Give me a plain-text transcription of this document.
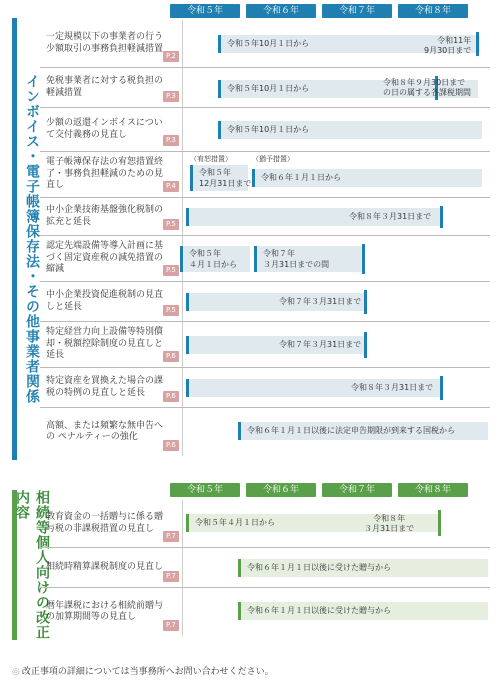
インボイス・電子帳簿保存法・その他事業者関係
令和５年	令和６年	令和７年	令和８年
一定規模以下の事業者の行う少額取引の事務負担軽減措置
P.2
令和５年10月１日から	令和11年
9月30日まで
免税事業者に対する税負担の軽減措置	P.3
令和５年10月１日から
令和８年９月30日まで
の日の属する各課税期間
少額の返還インボイスについて交付義務の見直し
P.3
令和５年10月１日から
電子帳簿保存法の宥恕措置終了・事務負担軽減のための見直し	P.4
（宥恕措置）	（猶予措置）
令和５年
12月31日まで
令和６年１月１日から
中小企業技術基盤強化税制の拡充と延長	P.5
令和８年３月31日まで
認定先端設備等導入計画に基づく固定資産税の減免措置の縮減	P.5
令和５年
４月１日から
令和７年
３月31日までの間
中小企業投資促進税制の見直しと延長	P.5
令和７年３月31日まで
特定経営力向上設備等特別償却・税額控除制度の見直しと延長	P.6
令和７年３月31日まで
特定資産を買換えた場合の課税の特例の見直しと延長	P.6
令和８年３月31日まで
高額、または頻繁な無申告への ペナルティーの強化
P.6
令和６年１月１日以後に法定申告期限が到来する国税から
相続等個人向けの改正内容	令和５年	令和６年	令和７年	令和８年
教育資金の一括贈与に係る贈与税の非課税措置の見直し
P.7
令和５年４月１日から	令和８年
３月31日まで
相続時精算課税制度の見直し
P.7
令和６年１月１日以後に受けた贈与から
暦年課税における相続前贈与の加算期間等の見直し
P.7
令和６年１月１日以後に受けた贈与から
◎ 改正事項の詳細については当事務所へお問い合わせください。
